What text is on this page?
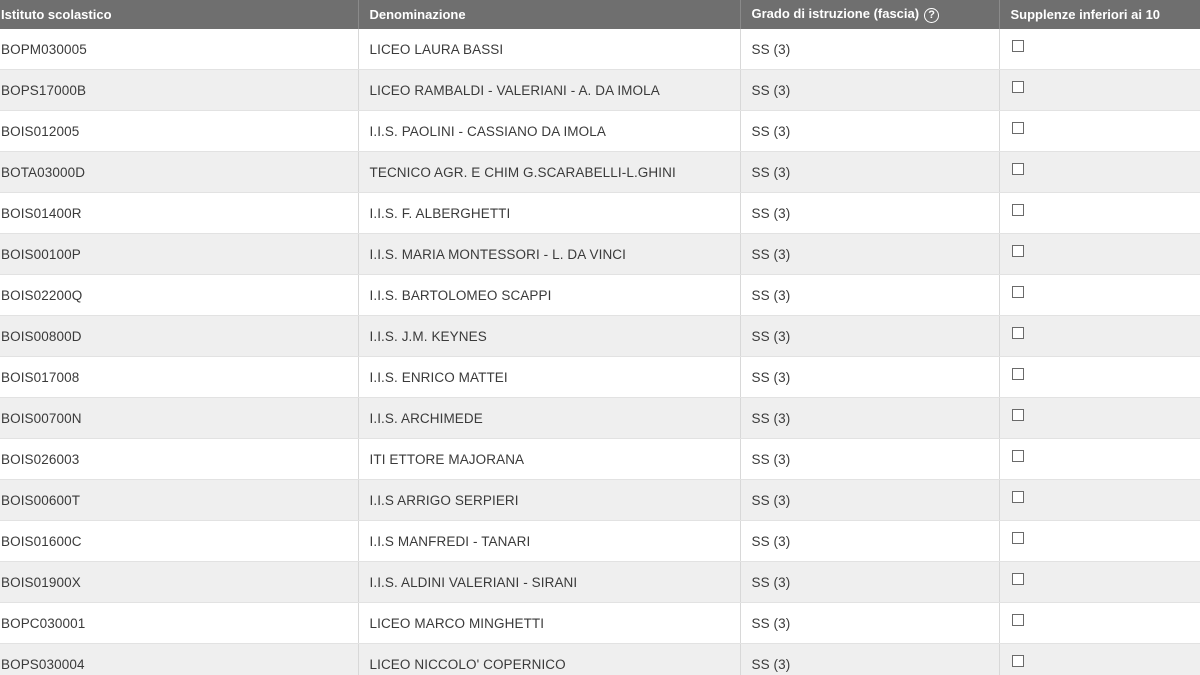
Istituto scolastico	Denominazione	Grado di istruzione (fascia) ?	Supplenze inferiori ai 10
BOPM030005	LICEO LAURA BASSI	SS (3)	

BOPS17000B	LICEO RAMBALDI - VALERIANI - A. DA IMOLA	SS (3)	

BOIS012005	I.I.S. PAOLINI - CASSIANO DA IMOLA	SS (3)	

BOTA03000D	TECNICO AGR. E CHIM G.SCARABELLI-L.GHINI	SS (3)	

BOIS01400R	I.I.S. F. ALBERGHETTI	SS (3)	

BOIS00100P	I.I.S. MARIA MONTESSORI - L. DA VINCI	SS (3)	

BOIS02200Q	I.I.S. BARTOLOMEO SCAPPI	SS (3)	

BOIS00800D	I.I.S. J.M. KEYNES	SS (3)	

BOIS017008	I.I.S. ENRICO MATTEI	SS (3)	

BOIS00700N	I.I.S. ARCHIMEDE	SS (3)	

BOIS026003	ITI ETTORE MAJORANA	SS (3)	

BOIS00600T	I.I.S ARRIGO SERPIERI	SS (3)	

BOIS01600C	I.I.S MANFREDI - TANARI	SS (3)	

BOIS01900X	I.I.S. ALDINI VALERIANI - SIRANI	SS (3)	

BOPC030001	LICEO MARCO MINGHETTI	SS (3)	

BOPS030004	LICEO NICCOLO' COPERNICO	SS (3)	
